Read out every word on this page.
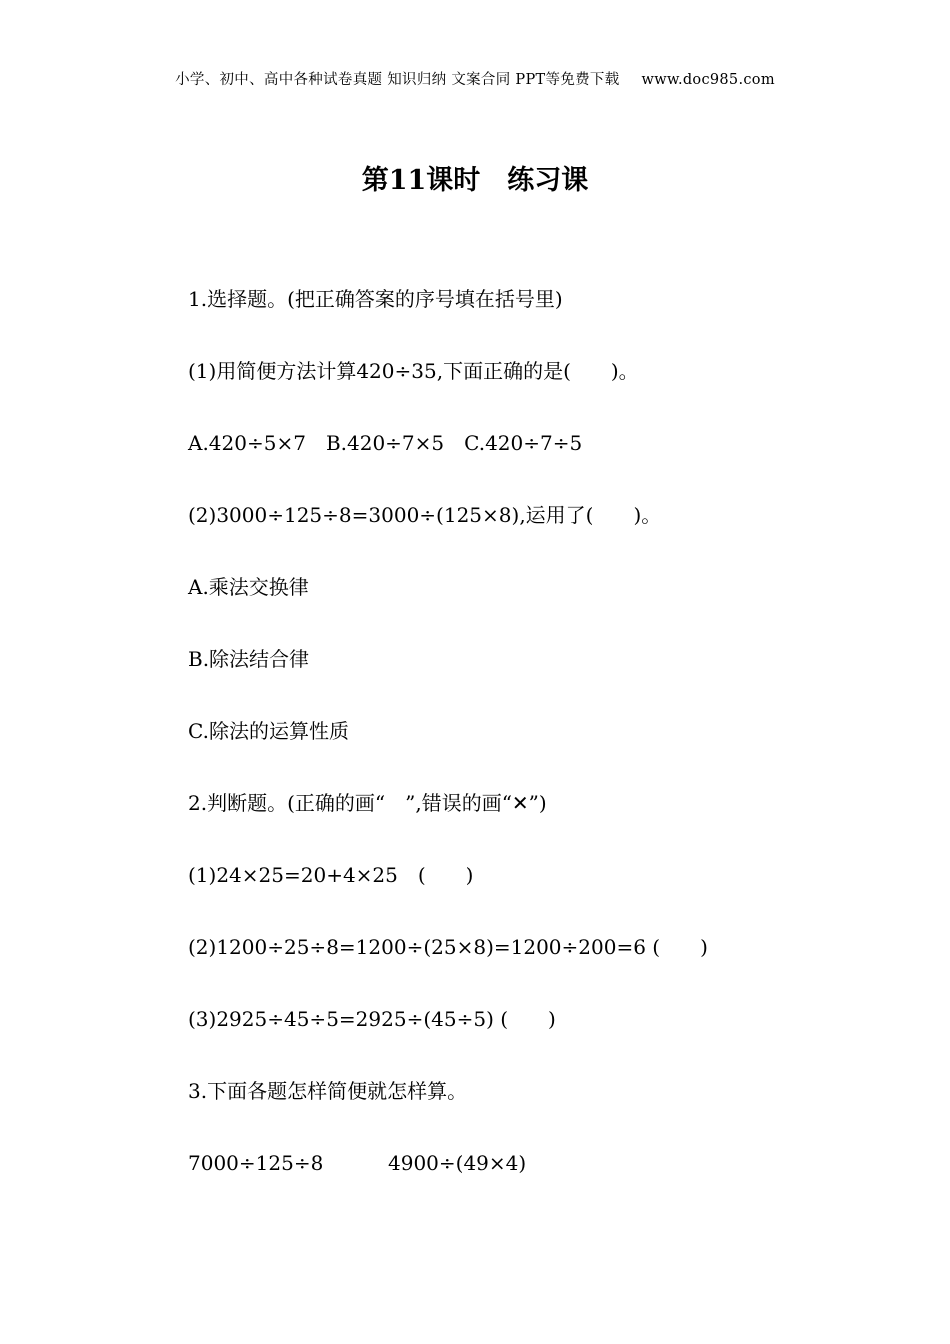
小学、初中、高中各种试卷真题 知识归纳 文案合同 PPT等免费下载 www.doc985.com
第11课时　练习课
1.选择题。(把正确答案的序号填在括号里)
(1)用简便方法计算420÷35,下面正确的是(　　)。
A.420÷5×7　B.420÷7×5　C.420÷7÷5
(2)3000÷125÷8=3000÷(125×8),运用了(　　)。
A.乘法交换律
B.除法结合律
C.除法的运算性质
2.判断题。(正确的画“　”,错误的画“✕”)
(1)24×25=20+4×25　(　　)
(2)1200÷25÷8=1200÷(25×8)=1200÷200=6 (　　)
(3)2925÷45÷5=2925÷(45÷5) (　　)
3.下面各题怎样简便就怎样算。
7000÷125÷8	4900÷(49×4)
